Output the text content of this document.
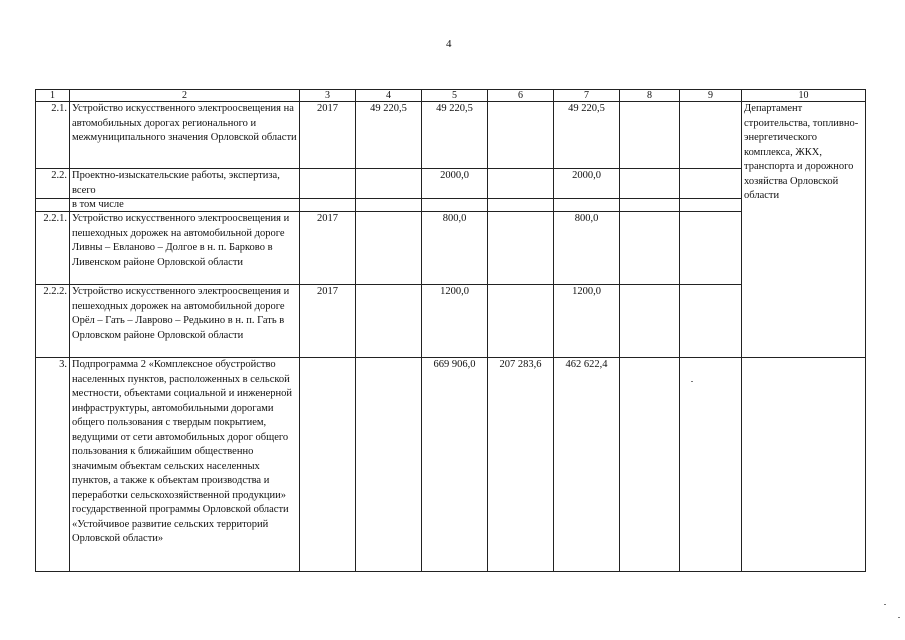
4
1	2	3	4	5	6	7	8	9	10
2.1.	Устройство искусственного электроосвещения на автомобильных дорогах регионального и межмуниципального значения Орловской области	2017	49 220,5	49 220,5		49 220,5			Департамент строительства, топливно-энергетического комплекса, ЖКХ, транспорта и дорожного хозяйства Орловской области
2.2.	Проектно-изыскательские работы, экспертиза, всего			2000,0		2000,0			
	в том числе								
2.2.1.	Устройство искусственного электроосвещения и пешеходных дорожек на автомобильной дороге Ливны – Евланово – Долгое в н. п. Барково в Ливенском районе Орловской области	2017		800,0		800,0			
2.2.2.	Устройство искусственного электроосвещения и пешеходных дорожек на автомобильной дороге Орёл – Гать – Лаврово – Редькино в н. п. Гать в Орловском районе Орловской области	2017		1200,0		1200,0			
3.	Подпрограмма 2 «Комплексное обустройство населенных пунктов, расположенных в сельской местности, объектами социальной и инженерной инфраструктуры, автомобильными дорогами общего пользования с твердым покрытием, ведущими от сети автомобильных дорог общего пользования к ближайшим общественно значимым объектам сельских населенных пунктов, а также к объектам производства и переработки сельскохозяйственной продукции» государственной программы Орловской области «Устойчивое развитие сельских территорий Орловской области»			669 906,0	207 283,6	462 622,4			
